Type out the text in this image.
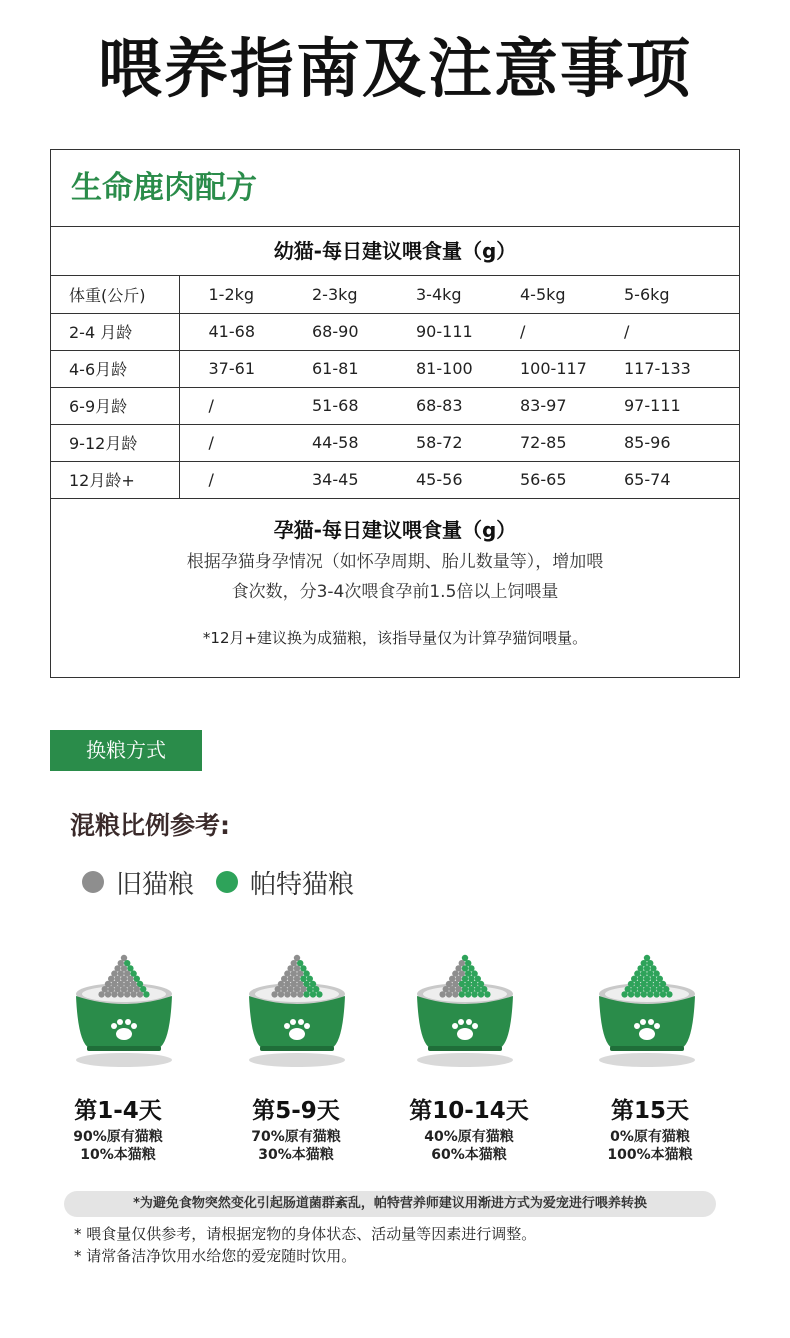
喂养指南及注意事项
生命鹿肉配方
幼猫-每日建议喂食量（g）
体重(公斤)	1-2kg	2-3kg	3-4kg	4-5kg	5-6kg
2-4 月龄	41-68	68-90	90-111	/	/
4-6月龄	37-61	61-81	81-100	100-117	117-133
6-9月龄	/	51-68	68-83	83-97	97-111
9-12月龄	/	44-58	58-72	72-85	85-96
12月龄+	/	34-45	45-56	56-65	65-74
孕猫-每日建议喂食量（g）
根据孕猫身孕情况（如怀孕周期、胎儿数量等），增加喂
食次数，分3-4次喂食孕前1.5倍以上饲喂量
*12月+建议换为成猫粮，该指导量仅为计算孕猫饲喂量。
换粮方式
混粮比例参考:
旧猫粮 帕特猫粮
第1-4天
90%原有猫粮
10%本猫粮
第5-9天
70%原有猫粮
30%本猫粮
第10-14天
40%原有猫粮
60%本猫粮
第15天
0%原有猫粮
100%本猫粮
*为避免食物突然变化引起肠道菌群紊乱，帕特营养师建议用渐进方式为爱宠进行喂养转换
* 喂食量仅供参考，请根据宠物的身体状态、活动量等因素进行调整。
* 请常备洁净饮用水给您的爱宠随时饮用。
